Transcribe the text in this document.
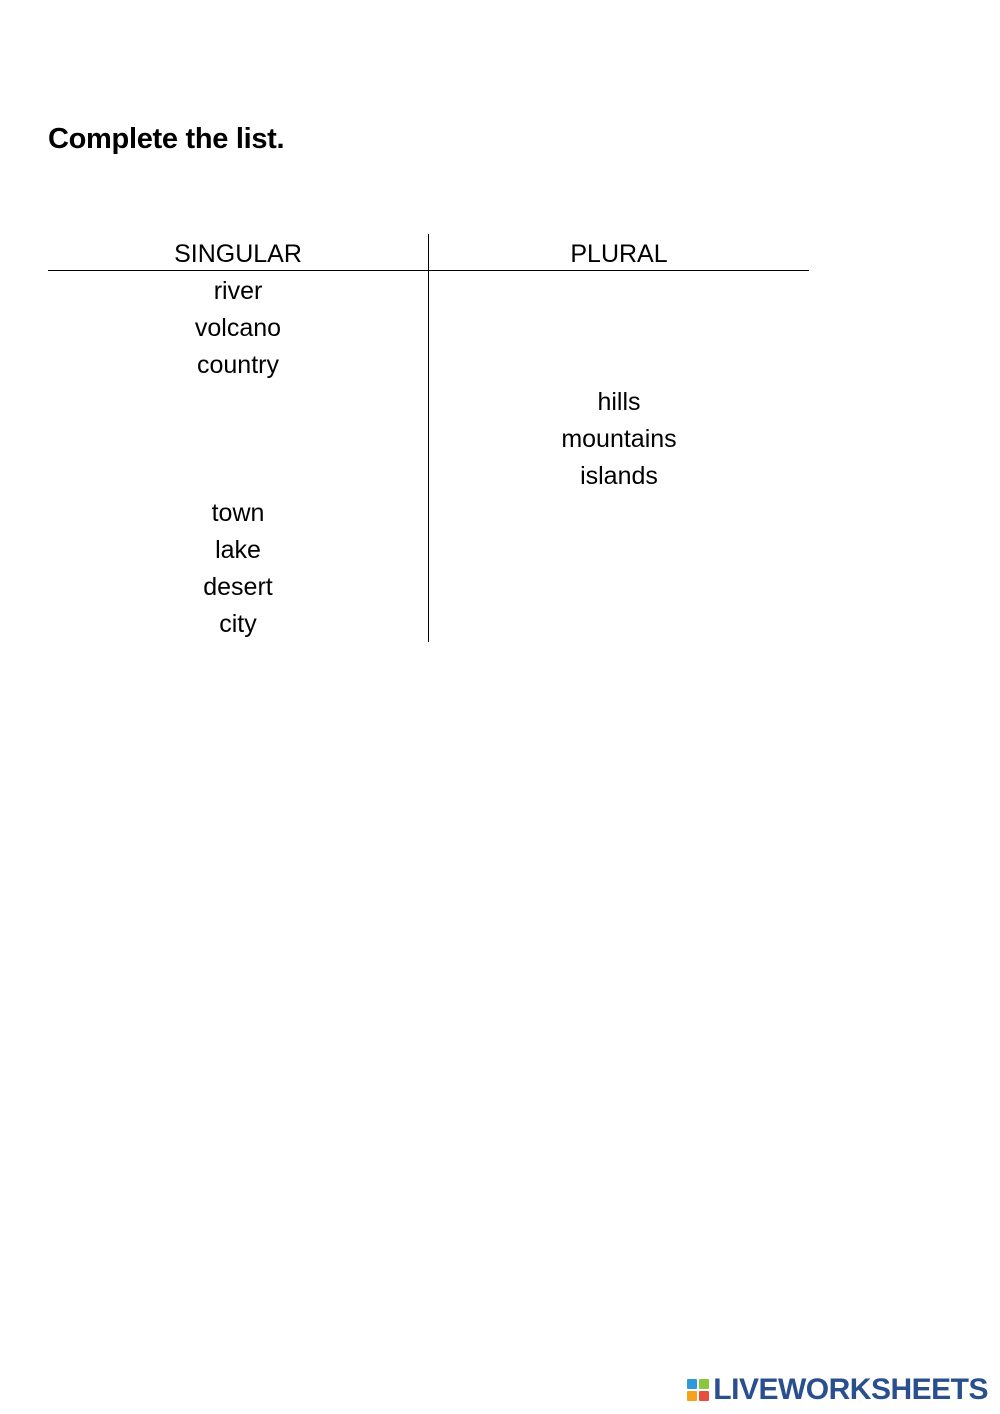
Complete the list.
SINGULAR	PLURAL
river
volcano
country
hills
mountains
islands
town
lake
desert
city
LIVEWORKSHEETS
